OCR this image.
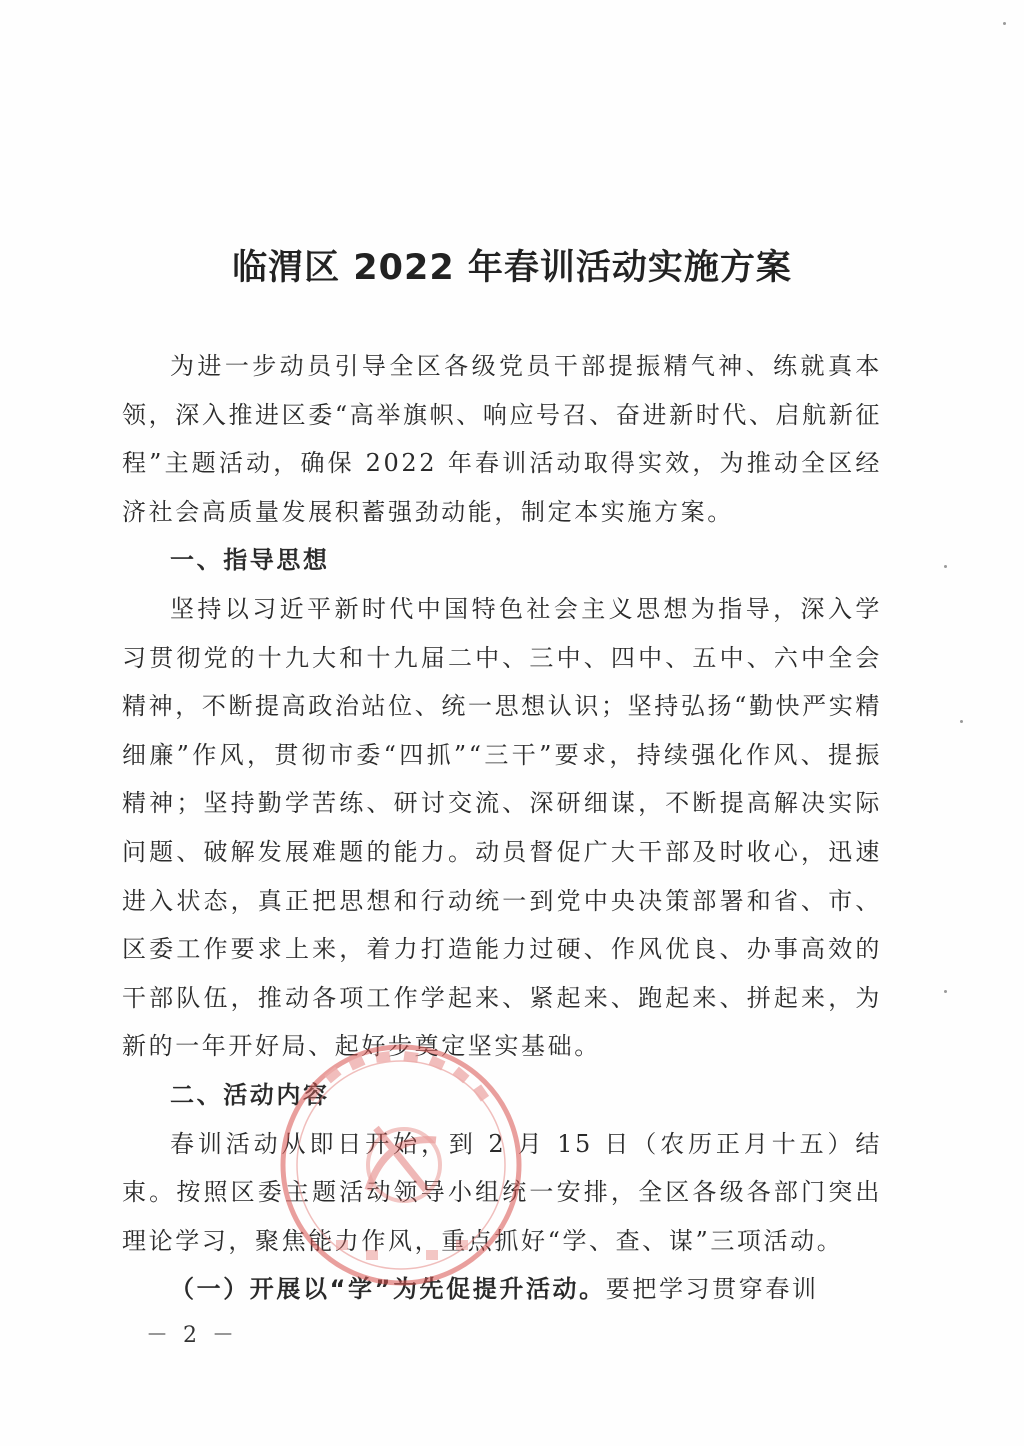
临渭区 2022 年春训活动实施方案

为进一步动员引导全区各级党员干部提振精气神、练就真本领，深入推进区委“高举旗帜、响应号召、奋进新时代、启航新征程”主题活动，确保 2022 年春训活动取得实效，为推动全区经济社会高质量发展积蓄强劲动能，制定本实施方案。

一、指导思想

坚持以习近平新时代中国特色社会主义思想为指导，深入学习贯彻党的十九大和十九届二中、三中、四中、五中、六中全会精神，不断提高政治站位、统一思想认识；坚持弘扬“勤快严实精细廉”作风，贯彻市委“四抓”“三干”要求，持续强化作风、提振精神；坚持勤学苦练、研讨交流、深研细谋，不断提高解决实际问题、破解发展难题的能力。动员督促广大干部及时收心，迅速进入状态，真正把思想和行动统一到党中央决策部署和省、市、区委工作要求上来，着力打造能力过硬、作风优良、办事高效的干部队伍，推动各项工作学起来、紧起来、跑起来、拼起来，为新的一年开好局、起好步奠定坚实基础。

二、活动内容

春训活动从即日开始，到 2 月 15 日（农历正月十五）结束。按照区委主题活动领导小组统一安排，全区各级各部门突出理论学习，聚焦能力作风，重点抓好“学、查、谋”三项活动。

（一）开展以“学”为先促提升活动。要把学习贯穿春训

－ 2 －
